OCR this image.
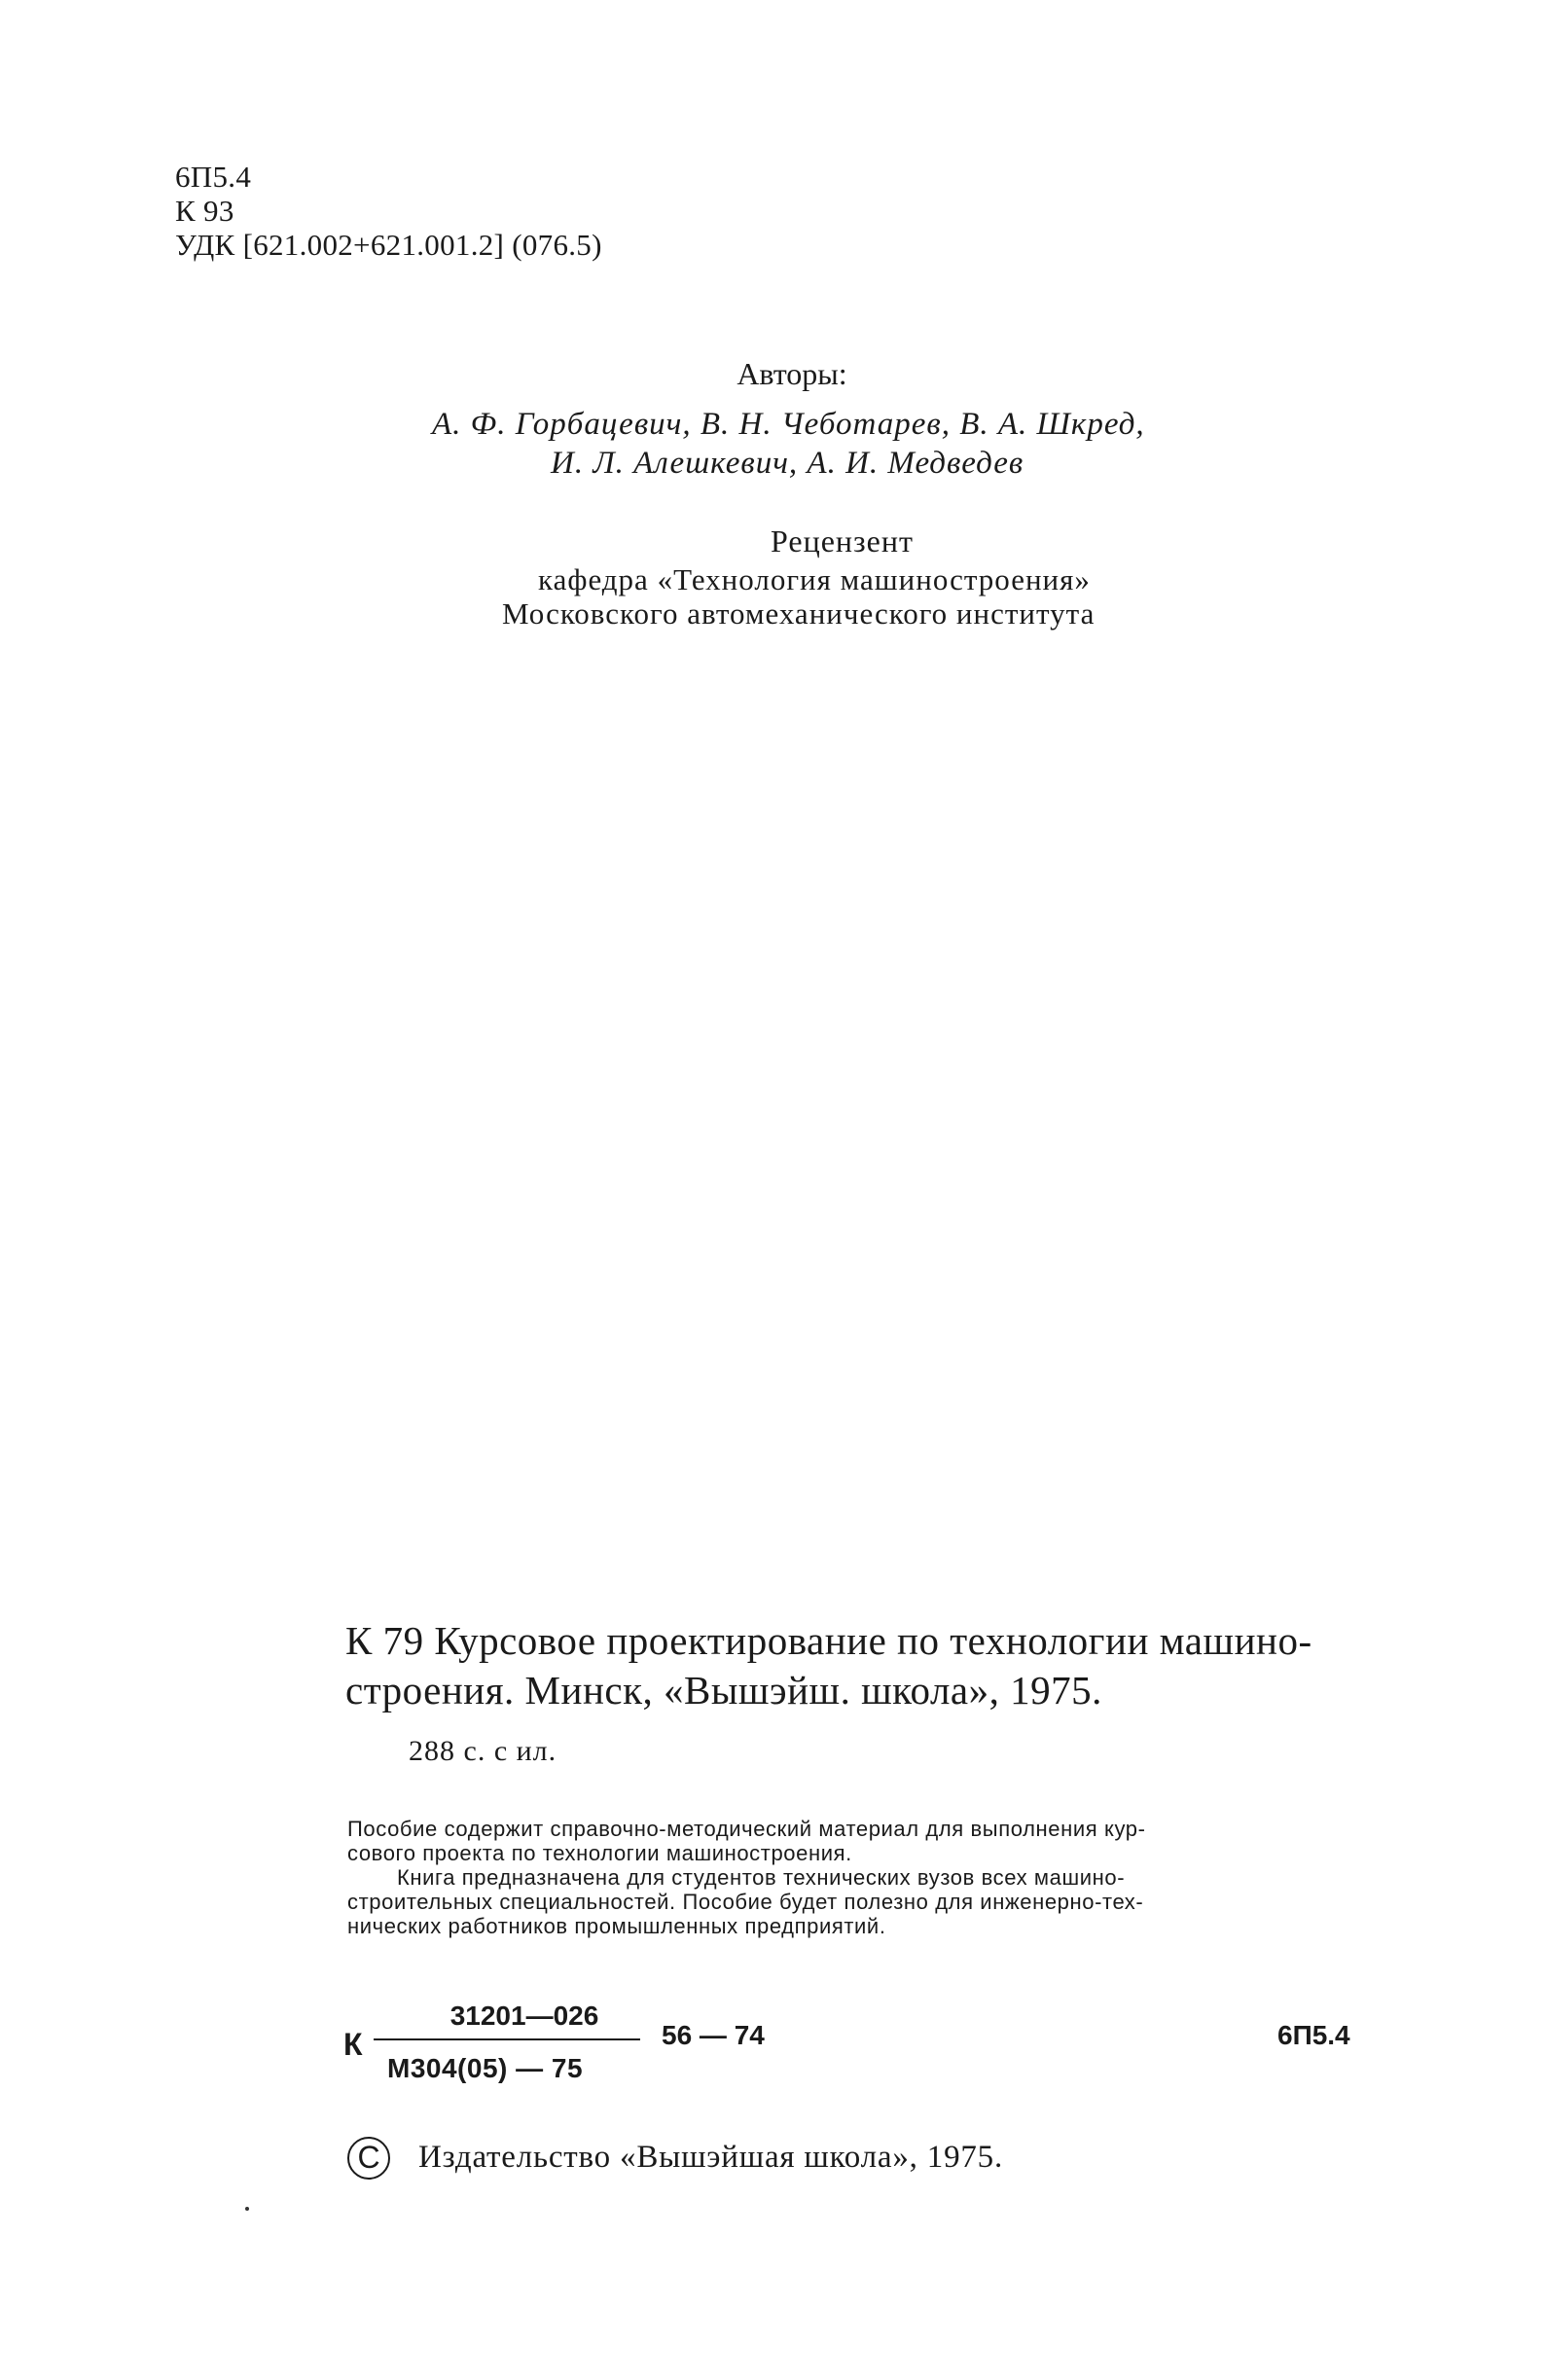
6П5.4
К 93
УДК [621.002+621.001.2] (076.5)
Авторы:
А. Ф. Горбацевич, В. Н. Чеботарев, В. А. Шкред,
И. Л. Алешкевич, А. И. Медведев
Рецензент
кафедра «Технология машиностроения»
Московского автомеханического института
К 79 Курсовое проектирование по технологии машино-
строения. Минск, «Вышэйш. школа», 1975.
288 с. с ил.
Пособие содержит справочно-методический материал для выполнения кур-
сового проекта по технологии машиностроения.
Книга предназначена для студентов технических вузов всех машино-
строительных специальностей. Пособие будет полезно для инженерно-тех-
нических работников промышленных предприятий.
К
31201—026
М304(05) — 75
56 — 74	6П5.4
C	Издательство «Вышэйшая школа», 1975.
